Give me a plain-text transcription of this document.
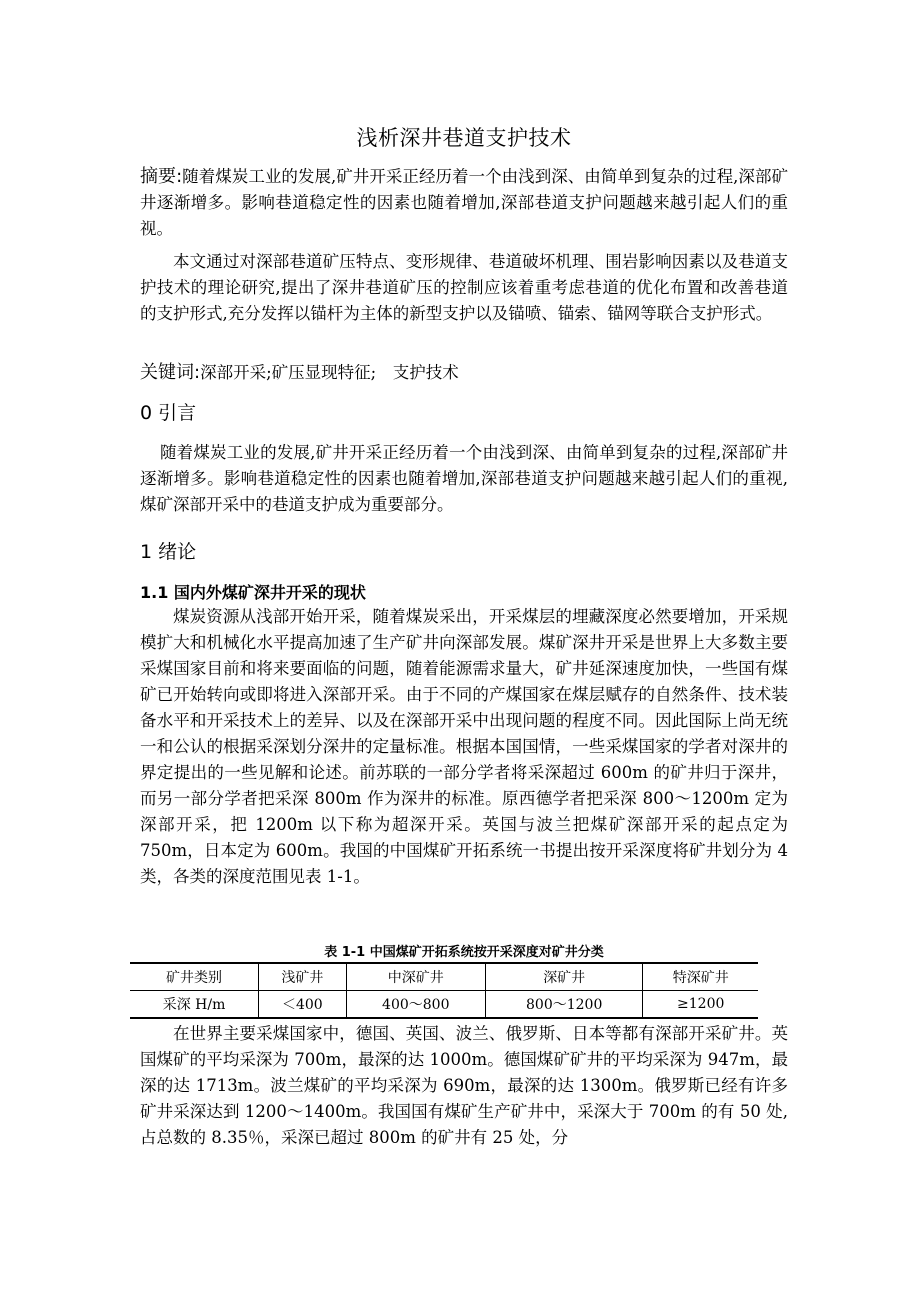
浅析深井巷道支护技术
摘要:随着煤炭工业的发展,矿井开采正经历着一个由浅到深、由简单到复杂的过程,深部矿井逐渐增多。影响巷道稳定性的因素也随着增加,深部巷道支护问题越来越引起人们的重视。
本文通过对深部巷道矿压特点、变形规律、巷道破坏机理、围岩影响因素以及巷道支护技术的理论研究,提出了深井巷道矿压的控制应该着重考虑巷道的优化布置和改善巷道的支护形式,充分发挥以锚杆为主体的新型支护以及锚喷、锚索、锚网等联合支护形式。
关键词:深部开采;矿压显现特征;　支护技术
0 引言
随着煤炭工业的发展,矿井开采正经历着一个由浅到深、由简单到复杂的过程,深部矿井逐渐增多。影响巷道稳定性的因素也随着增加,深部巷道支护问题越来越引起人们的重视,煤矿深部开采中的巷道支护成为重要部分。
1 绪论
1.1 国内外煤矿深井开采的现状
煤炭资源从浅部开始开采，随着煤炭采出，开采煤层的埋藏深度必然要增加，开采规模扩大和机械化水平提高加速了生产矿井向深部发展。煤矿深井开采是世界上大多数主要采煤国家目前和将来要面临的问题，随着能源需求量大，矿井延深速度加快，一些国有煤矿已开始转向或即将进入深部开采。由于不同的产煤国家在煤层赋存的自然条件、技术装备水平和开采技术上的差异、以及在深部开采中出现问题的程度不同。因此国际上尚无统一和公认的根据采深划分深井的定量标准。根据本国国情，一些采煤国家的学者对深井的界定提出的一些见解和论述。前苏联的一部分学者将采深超过 600m 的矿井归于深井，而另一部分学者把采深 800m 作为深井的标准。原西德学者把采深 800～1200m 定为深部开采，把 1200m 以下称为超深开采。英国与波兰把煤矿深部开采的起点定为 750m，日本定为 600m。我国的中国煤矿开拓系统一书提出按开采深度将矿井划分为 4 类，各类的深度范围见表 1-1。
表 1-1 中国煤矿开拓系统按开采深度对矿井分类
矿井类别	浅矿井	中深矿井	深矿井	特深矿井
采深 H/m	＜400	400～800	800～1200	≥1200
在世界主要采煤国家中，德国、英国、波兰、俄罗斯、日本等都有深部开采矿井。英国煤矿的平均采深为 700m，最深的达 1000m。德国煤矿矿井的平均采深为 947m，最深的达 1713m。波兰煤矿的平均采深为 690m，最深的达 1300m。俄罗斯已经有许多矿井采深达到 1200～1400m。我国国有煤矿生产矿井中，采深大于 700m 的有 50 处, 占总数的 8.35％，采深已超过 800m 的矿井有 25 处，分
